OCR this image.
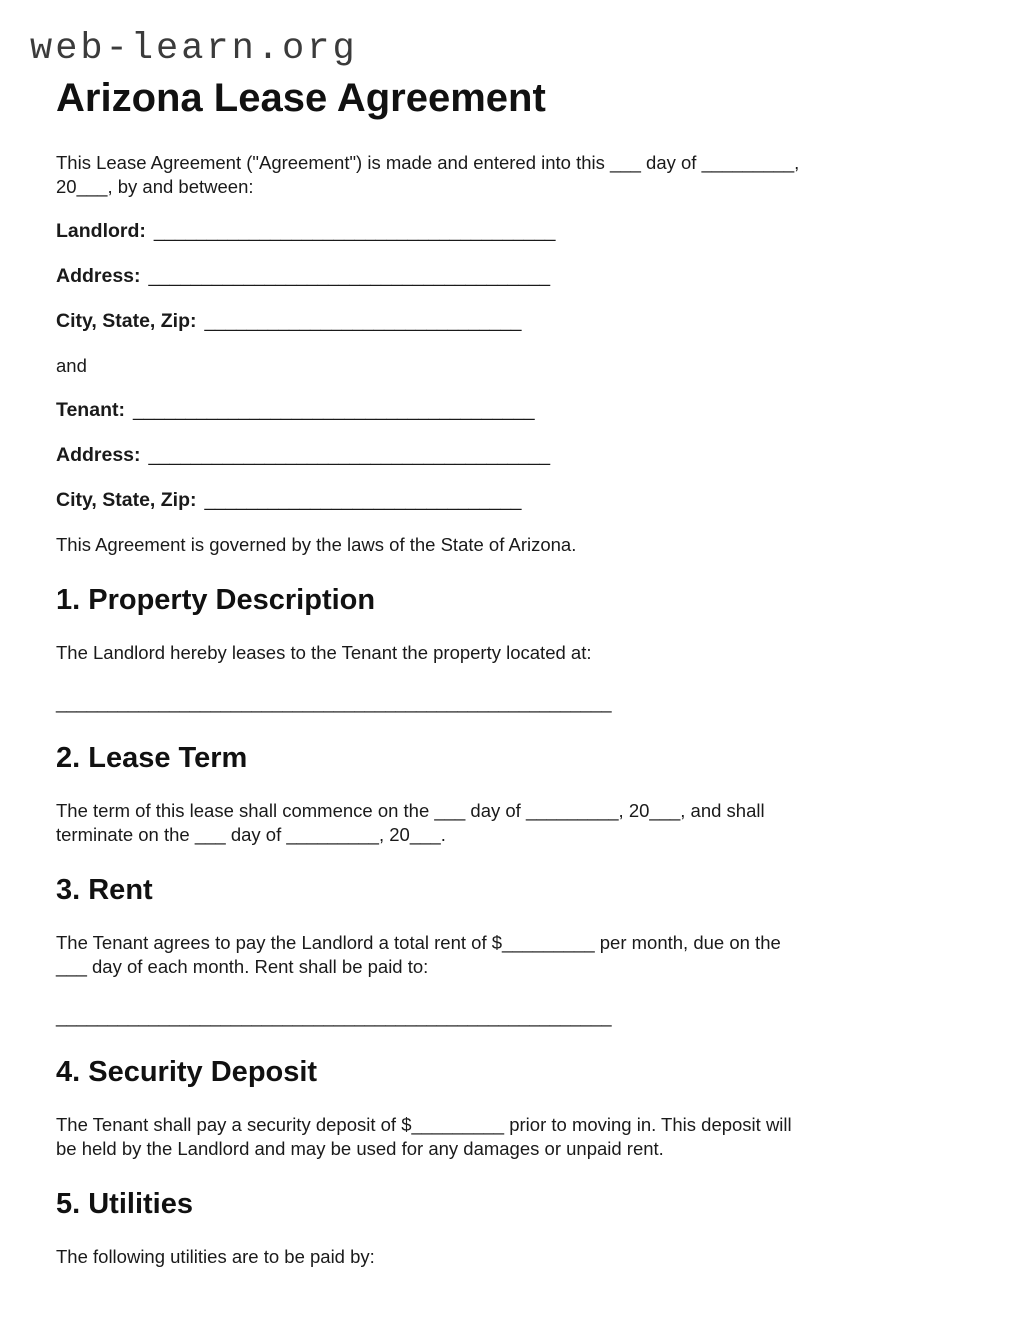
web-learn.org
Arizona Lease Agreement
This Lease Agreement ("Agreement") is made and entered into this ___ day of _________,
20___, by and between:
Landlord: ______________________________________
Address: ______________________________________
City, State, Zip: ______________________________
and
Tenant: ______________________________________
Address: ______________________________________
City, State, Zip: ______________________________
This Agreement is governed by the laws of the State of Arizona.
1. Property Description
The Landlord hereby leases to the Tenant the property located at:
______________________________________________________
2. Lease Term
The term of this lease shall commence on the ___ day of _________, 20___, and shall
terminate on the ___ day of _________, 20___.
3. Rent
The Tenant agrees to pay the Landlord a total rent of $_________ per month, due on the
___ day of each month. Rent shall be paid to:
______________________________________________________
4. Security Deposit
The Tenant shall pay a security deposit of $_________ prior to moving in. This deposit will
be held by the Landlord and may be used for any damages or unpaid rent.
5. Utilities
The following utilities are to be paid by:
